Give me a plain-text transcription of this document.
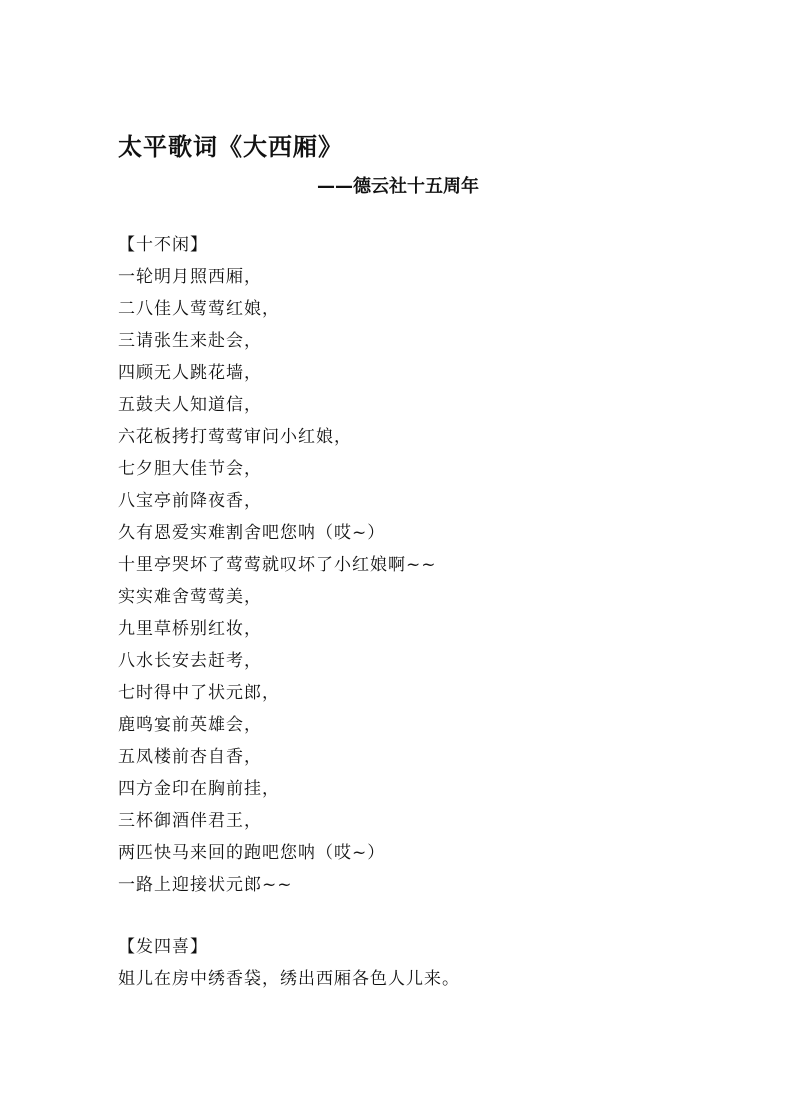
太平歌词《大西厢》
——德云社十五周年
【十不闲】
一轮明月照西厢，
二八佳人莺莺红娘，
三请张生来赴会，
四顾无人跳花墙，
五鼓夫人知道信，
六花板拷打莺莺审问小红娘，
七夕胆大佳节会，
八宝亭前降夜香，
久有恩爱实难割舍吧您呐（哎~）
十里亭哭坏了莺莺就叹坏了小红娘啊~~
实实难舍莺莺美，
九里草桥别红妆，
八水长安去赶考，
七时得中了状元郎，
鹿鸣宴前英雄会，
五凤楼前杏自香，
四方金印在胸前挂，
三杯御酒伴君王，
两匹快马来回的跑吧您呐（哎~）
一路上迎接状元郎~~
【发四喜】
姐儿在房中绣香袋，绣出西厢各色人儿来。
